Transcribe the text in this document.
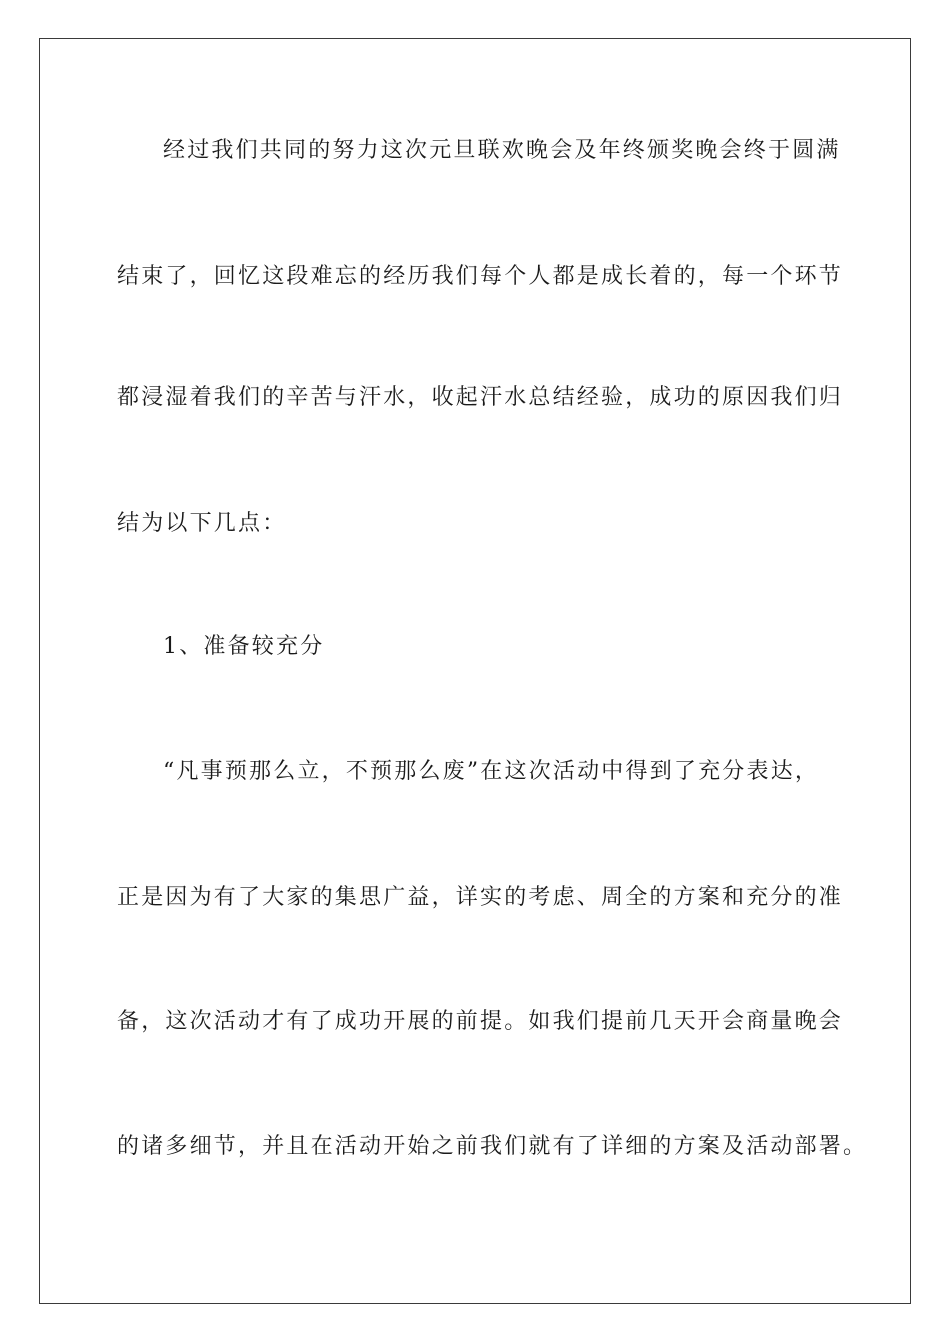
经过我们共同的努力这次元旦联欢晚会及年终颁奖晚会终于圆满
结束了，回忆这段难忘的经历我们每个人都是成长着的，每一个环节
都浸湿着我们的辛苦与汗水，收起汗水总结经验，成功的原因我们归
结为以下几点：
1、准备较充分
“凡事预那么立，不预那么废”在这次活动中得到了充分表达，
正是因为有了大家的集思广益，详实的考虑、周全的方案和充分的准
备，这次活动才有了成功开展的前提。如我们提前几天开会商量晚会
的诸多细节，并且在活动开始之前我们就有了详细的方案及活动部署。
